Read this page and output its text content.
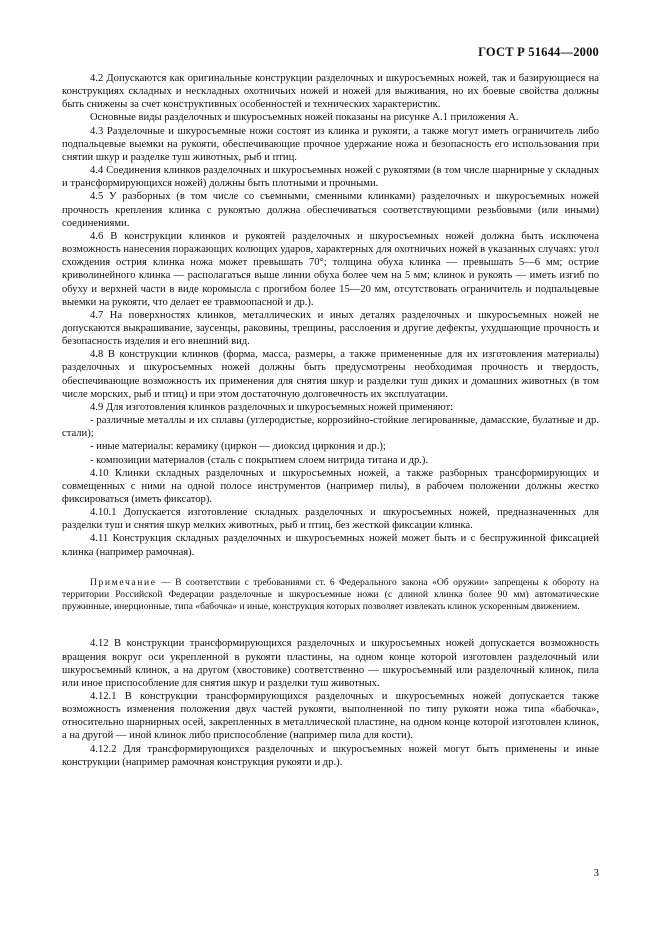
ГОСТ Р 51644—2000

4.2 Допускаются как оригинальные конструкции разделочных и шкуросъемных ножей, так и базирующиеся на конструкциях складных и нескладных охотничьих ножей и ножей для выживания, но их боевые свойства должны быть снижены за счет конструктивных особенностей и технических характеристик.

Основные виды разделочных и шкуросъемных ножей показаны на рисунке А.1 приложения А.

4.3 Разделочные и шкуросъемные ножи состоят из клинка и рукояти, а также могут иметь ограничитель либо подпальцевые выемки на рукояти, обеспечивающие прочное удержание ножа и безопасность его использования при снятии шкур и разделке туш животных, рыб и птиц.

4.4 Соединения клинков разделочных и шкуросъемных ножей с рукоятями (в том числе шарнирные у складных и трансформирующихся ножей) должны быть плотными и прочными.

4.5 У разборных (в том числе со съемными, сменными клинками) разделочных и шкуросъемных ножей прочность крепления клинка с рукоятью должна обеспечиваться соответствующими резьбовыми (или иными) соединениями.

4.6 В конструкции клинков и рукоятей разделочных и шкуросъемных ножей должна быть исключена возможность нанесения поражающих колющих ударов, характерных для охотничьих ножей в указанных случаях: угол схождения острия клинка ножа может превышать 70°; толщина обуха клинка — превышать 5—6 мм; острие криволинейного клинка — располагаться выше линии обуха более чем на 5 мм; клинок и рукоять — иметь изгиб по обуху и верхней части в виде коромысла с прогибом более 15—20 мм, отсутствовать ограничитель и подпальцевые выемки на рукояти, что делает ее травмоопасной и др.).

4.7 На поверхностях клинков, металлических и иных деталях разделочных и шкуросъемных ножей не допускаются выкрашивание, заусенцы, раковины, трещины, расслоения и другие дефекты, ухудшающие прочность и безопасность изделия и его внешний вид.

4.8 В конструкции клинков (форма, масса, размеры, а также примененные для их изготовления материалы) разделочных и шкуросъемных ножей должны быть предусмотрены необходимая прочность и твердость, обеспечивающие возможность их применения для снятия шкур и разделки туш диких и домашних животных (в том числе морских, рыб и птиц) и при этом достаточную долговечность их эксплуатации.

4.9 Для изготовления клинков разделочных и шкуросъемных ножей применяют:

- различные металлы и их сплавы (углеродистые, коррозийно-стойкие легированные, дамасские, булатные и др. стали);

- иные материалы: керамику (циркон — диоксид циркония и др.);

- композиции материалов (сталь с покрытием слоем нитрида титана и др.).

4.10 Клинки складных разделочных и шкуросъемных ножей, а также разборных трансформирующих и совмещенных с ними на одной полосе инструментов (например пилы), в рабочем положении должны жестко фиксироваться (иметь фиксатор).

4.10.1 Допускается изготовление складных разделочных и шкуросъемных ножей, предназначенных для разделки туш и снятия шкур мелких животных, рыб и птиц, без жесткой фиксации клинка.

4.11 Конструкция складных разделочных и шкуросъемных ножей может быть и с беспружинной фиксацией клинка (например рамочная).

Примечание — В соответствии с требованиями ст. 6 Федерального закона «Об оружии» запрещены к обороту на территории Российской Федерации разделочные и шкуросъемные ножи (с длиной клинка более 90 мм) автоматические пружинные, инерционные, типа «бабочка» и иные, конструкция которых позволяет извлекать клинок ускоренным движением.

4.12 В конструкции трансформирующихся разделочных и шкуросъемных ножей допускается возможность вращения вокруг оси укрепленной в рукояти пластины, на одном конце которой изготовлен разделочный или шкуросъемный клинок, а на другом (хвостовике) соответственно — шкуросъемный или разделочный клинок, пила или иное приспособление для снятия шкур и разделки туш животных.

4.12.1 В конструкции трансформирующихся разделочных и шкуросъемных ножей допускается также возможность изменения положения двух частей рукояти, выполненной по типу рукояти ножа типа «бабочка», относительно шарнирных осей, закрепленных в металлической пластине, на одном конце которой изготовлен клинок, а на другой — иной клинок либо приспособление (например пила для кости).

4.12.2 Для трансформирующихся разделочных и шкуросъемных ножей могут быть применены и иные конструкции (например рамочная конструкция рукояти и др.).

3
